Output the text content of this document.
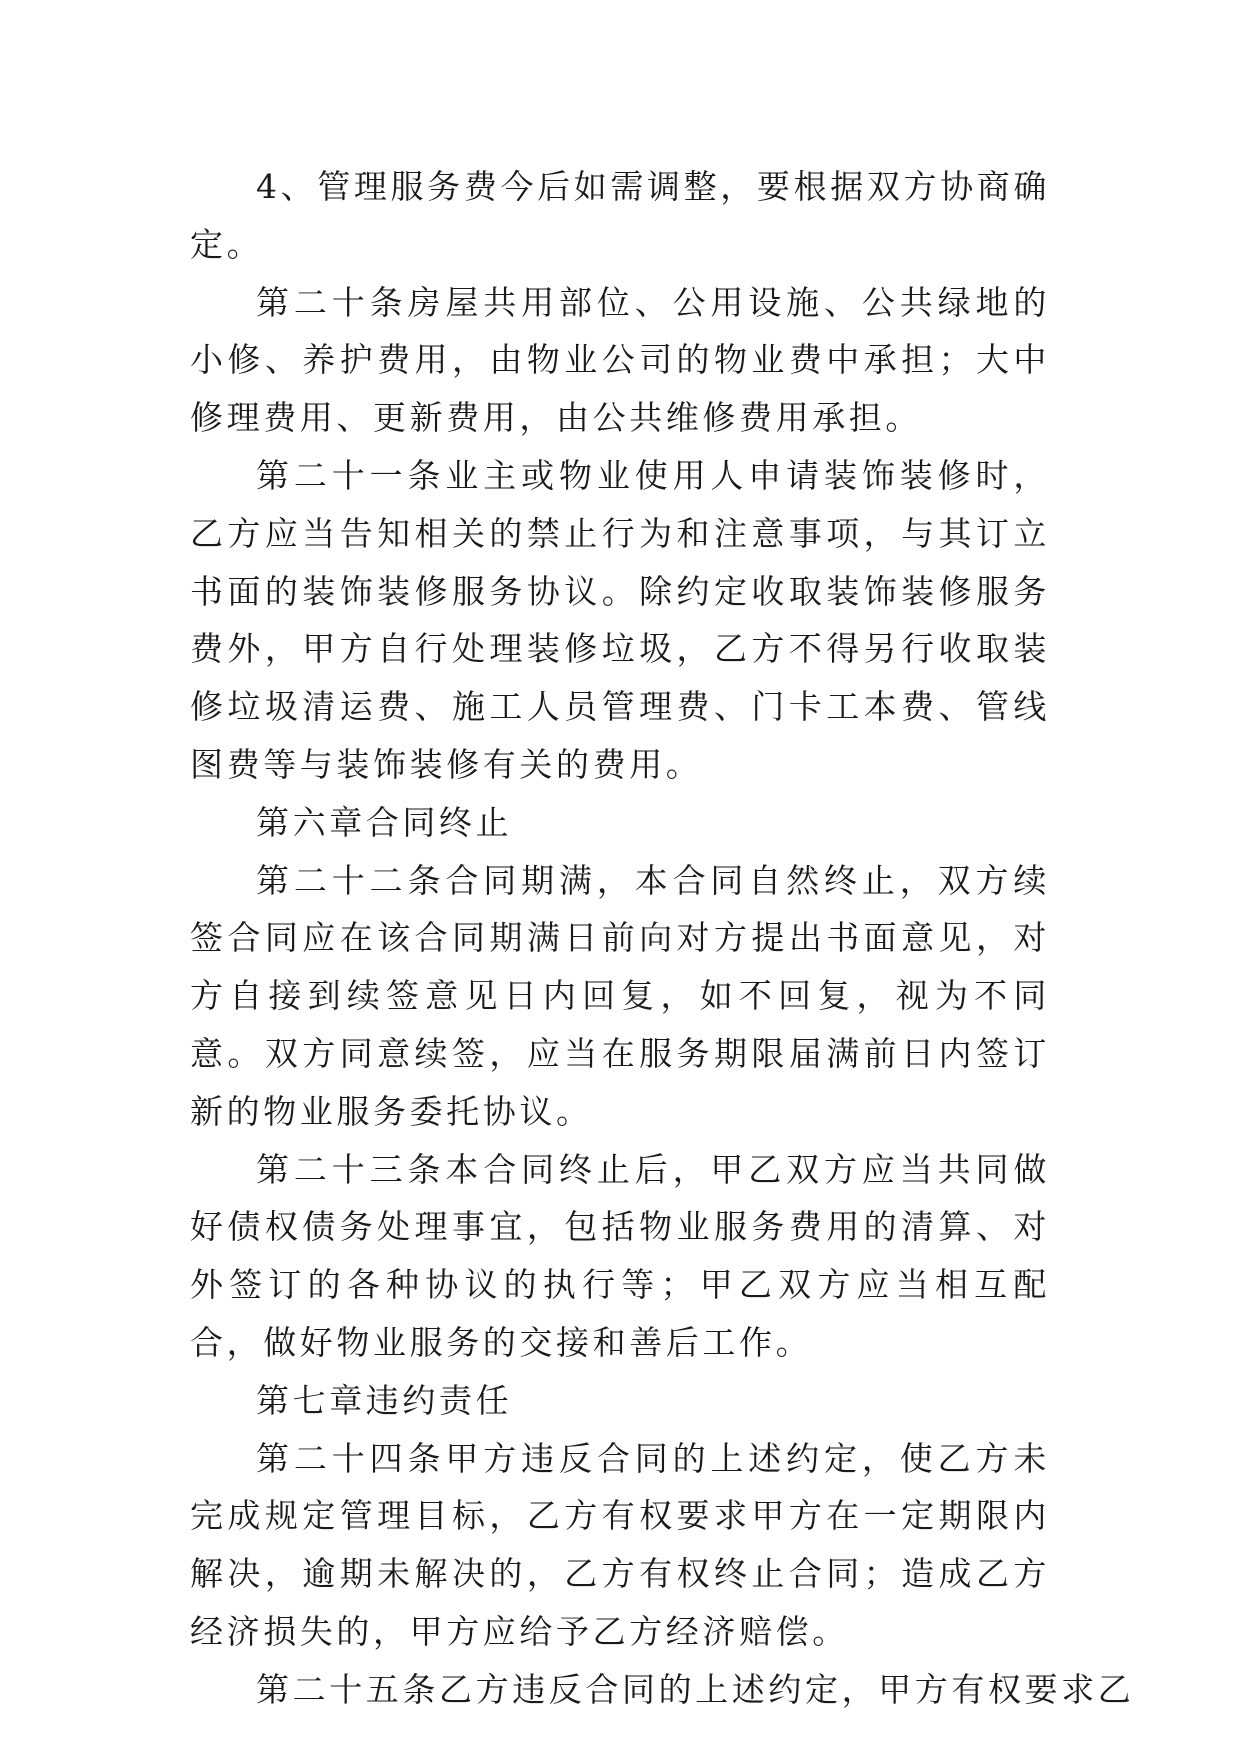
4、管理服务费今后如需调整，要根据双方协商确定。

第二十条房屋共用部位、公用设施、公共绿地的小修、养护费用，由物业公司的物业费中承担；大中修理费用、更新费用，由公共维修费用承担。

第二十一条业主或物业使用人申请装饰装修时，乙方应当告知相关的禁止行为和注意事项，与其订立书面的装饰装修服务协议。除约定收取装饰装修服务费外，甲方自行处理装修垃圾，乙方不得另行收取装修垃圾清运费、施工人员管理费、门卡工本费、管线图费等与装饰装修有关的费用。

第六章合同终止

第二十二条合同期满，本合同自然终止，双方续签合同应在该合同期满日前向对方提出书面意见，对方自接到续签意见日内回复，如不回复，视为不同意。双方同意续签，应当在服务期限届满前日内签订新的物业服务委托协议。

第二十三条本合同终止后，甲乙双方应当共同做好债权债务处理事宜，包括物业服务费用的清算、对外签订的各种协议的执行等；甲乙双方应当相互配合，做好物业服务的交接和善后工作。

第七章违约责任

第二十四条甲方违反合同的上述约定，使乙方未完成规定管理目标，乙方有权要求甲方在一定期限内解决，逾期未解决的，乙方有权终止合同；造成乙方经济损失的，甲方应给予乙方经济赔偿。

第二十五条乙方违反合同的上述约定，甲方有权要求乙
